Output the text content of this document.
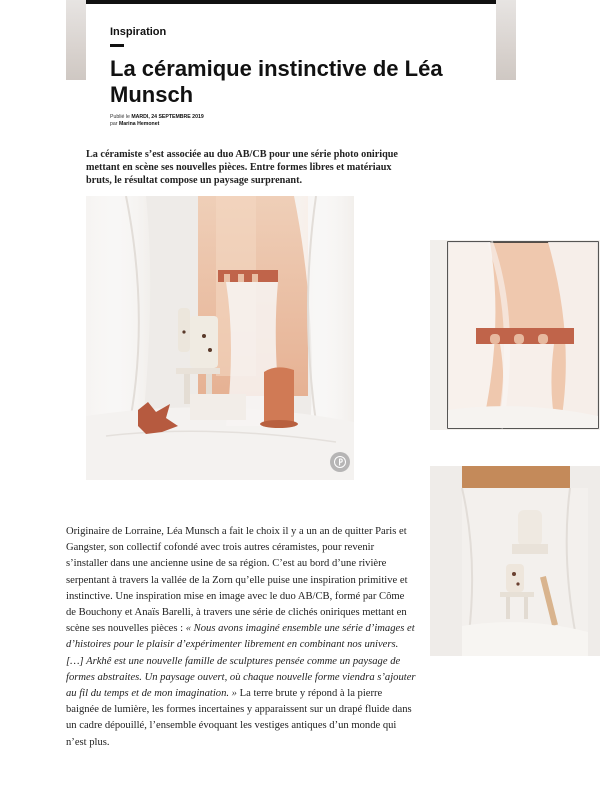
Inspiration
La céramique instinctive de Léa Munsch
Publié le MARDI, 24 SEPTEMBRE 2019
par Marina Hemonet

La céramiste s’est associée au duo AB/CB pour une série photo onirique mettant en scène ses nouvelles pièces. Entre formes libres et matériaux bruts, le résultat compose un paysage surprenant.

Originaire de Lorraine, Léa Munsch a fait le choix il y a un an de quitter Paris et Gangster, son collectif cofondé avec trois autres céramistes, pour revenir s’installer dans une ancienne usine de sa région. C’est au bord d’une rivière serpentant à travers la vallée de la Zorn qu’elle puise une inspiration primitive et instinctive. Une inspiration mise en image avec le duo AB/CB, formé par Côme de Bouchony et Anaïs Barelli, à travers une série de clichés oniriques mettant en scène ses nouvelles pièces : « Nous avons imaginé ensemble une série d’images et d’histoires pour le plaisir d’expérimenter librement en combinant nos univers. […] Arkhê est une nouvelle famille de sculptures pensée comme un paysage de formes abstraites. Un paysage ouvert, où chaque nouvelle forme viendra s’ajouter au fil du temps et de mon imagination. » La terre brute y répond à la pierre baignée de lumière, les formes incertaines y apparaissent sur un drapé fluide dans un cadre dépouillé, l’ensemble évoquant les vestiges antiques d’un monde qui n’est plus.
